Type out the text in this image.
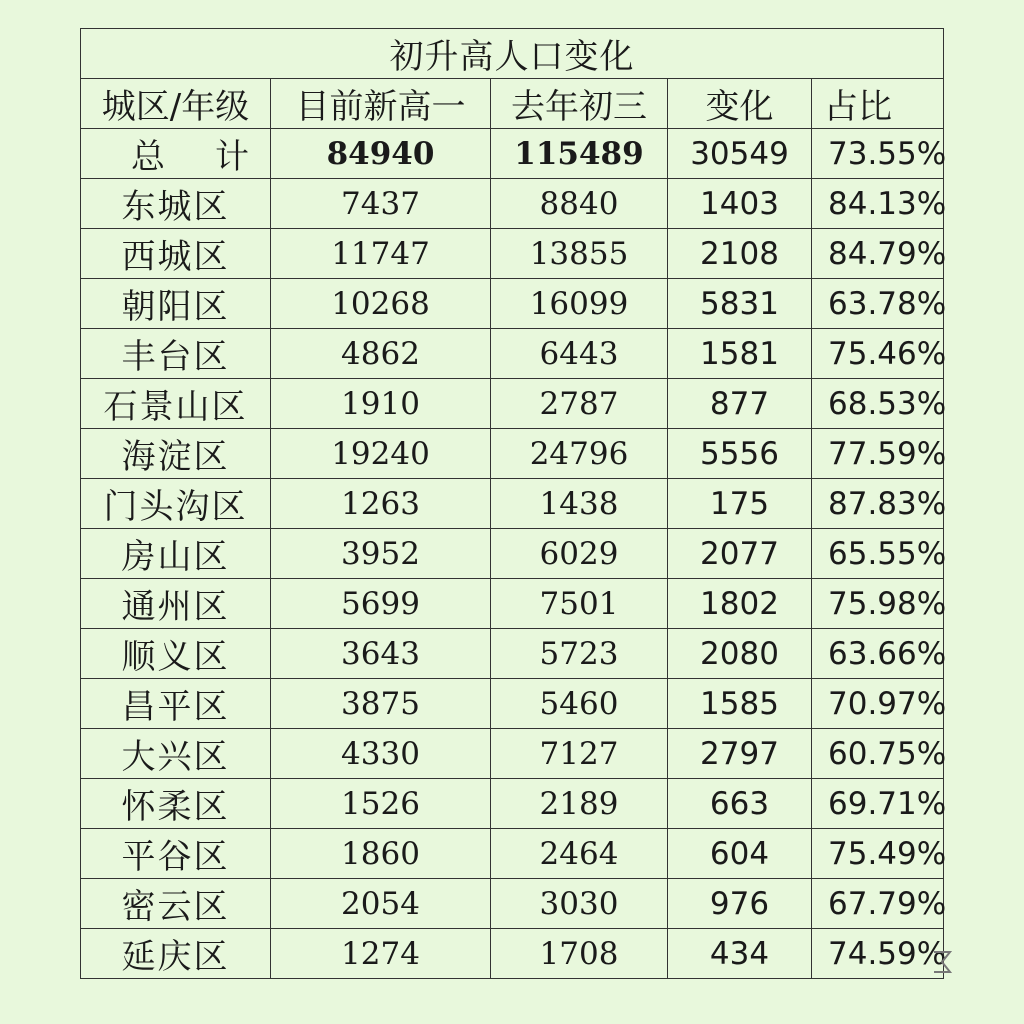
初升高人口变化				
城区/年级	目前新高一	去年初三	变化	占比
总计	84940	115489	30549	73.55%
东城区	7437	8840	1403	84.13%
西城区	11747	13855	2108	84.79%
朝阳区	10268	16099	5831	63.78%
丰台区	4862	6443	1581	75.46%
石景山区	1910	2787	877	68.53%
海淀区	19240	24796	5556	77.59%
门头沟区	1263	1438	175	87.83%
房山区	3952	6029	2077	65.55%
通州区	5699	7501	1802	75.98%
顺义区	3643	5723	2080	63.66%
昌平区	3875	5460	1585	70.97%
大兴区	4330	7127	2797	60.75%
怀柔区	1526	2189	663	69.71%
平谷区	1860	2464	604	75.49%
密云区	2054	3030	976	67.79%
延庆区	1274	1708	434	74.59%
